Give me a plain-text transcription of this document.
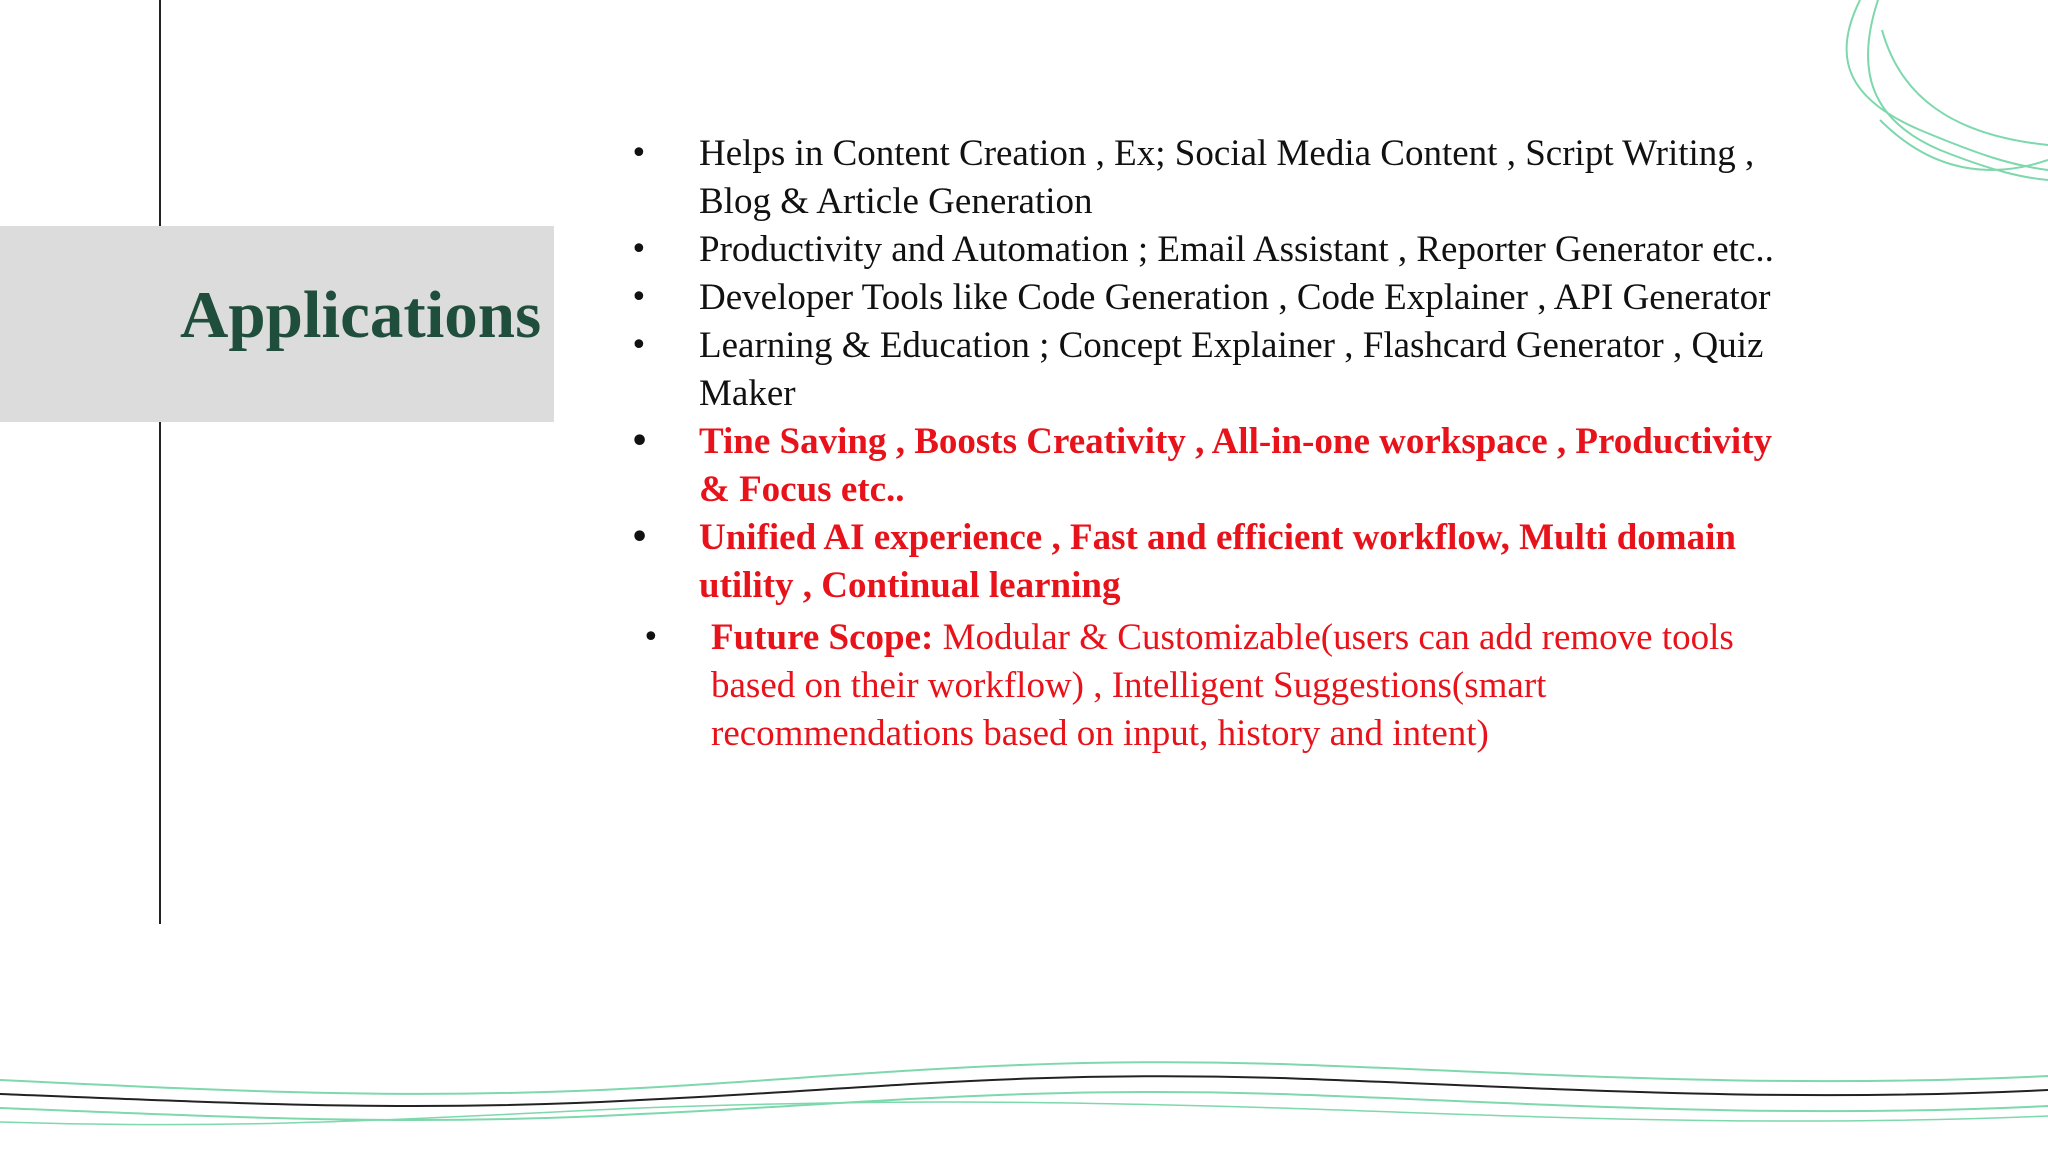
Applications
• Helps in Content Creation , Ex; Social Media Content , Script Writing , Blog & Article Generation
• Productivity and Automation ; Email Assistant , Reporter Generator etc..
• Developer Tools like Code Generation , Code Explainer , API Generator
• Learning & Education ; Concept Explainer , Flashcard Generator , Quiz Maker
• Tine Saving , Boosts Creativity , All-in-one workspace , Productivity & Focus etc..
• Unified AI experience , Fast and efficient workflow, Multi domain utility , Continual learning
• Future Scope: Modular & Customizable(users can add remove tools based on their workflow) , Intelligent Suggestions(smart recommendations based on input, history and intent)
